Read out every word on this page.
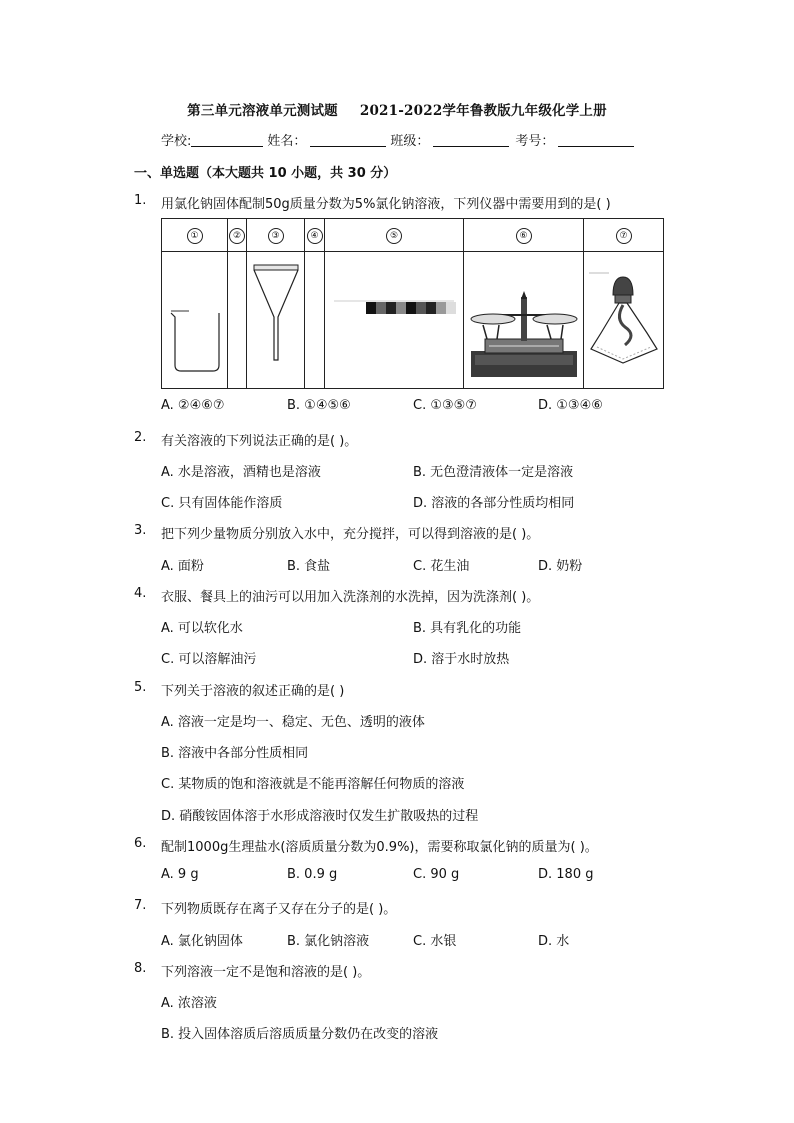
第三单元溶液单元测试题 2021-2022学年鲁教版九年级化学上册
学校:	姓名：	班级：	考号：
一、单选题（本大题共 10 小题，共 30 分）
1. 用氯化钠固体配制50g质量分数为5%氯化钠溶液，下列仪器中需要用到的是( )
①	②	③	④	⑤	⑥	⑦

A. ②④⑥⑦	B. ①④⑤⑥	C. ①③⑤⑦	D. ①③④⑥
2. 有关溶液的下列说法正确的是( )。
A. 水是溶液，酒精也是溶液	B. 无色澄清液体一定是溶液
C. 只有固体能作溶质	D. 溶液的各部分性质均相同
3. 把下列少量物质分别放入水中，充分搅拌，可以得到溶液的是( )。
A. 面粉	B. 食盐	C. 花生油	D. 奶粉
4. 衣服、餐具上的油污可以用加入洗涤剂的水洗掉，因为洗涤剂( )。
A. 可以软化水	B. 具有乳化的功能
C. 可以溶解油污	D. 溶于水时放热
5. 下列关于溶液的叙述正确的是( )
A. 溶液一定是均一、稳定、无色、透明的液体
B. 溶液中各部分性质相同
C. 某物质的饱和溶液就是不能再溶解任何物质的溶液
D. 硝酸铵固体溶于水形成溶液时仅发生扩散吸热的过程
6. 配制1000g生理盐水(溶质质量分数为0.9%)，需要称取氯化钠的质量为( )。
A. 9 g	B. 0.9 g	C. 90 g	D. 180 g
7. 下列物质既存在离子又存在分子的是( )。
A. 氯化钠固体	B. 氯化钠溶液	C. 水银	D. 水
8. 下列溶液一定不是饱和溶液的是( )。
A. 浓溶液
B. 投入固体溶质后溶质质量分数仍在改变的溶液
